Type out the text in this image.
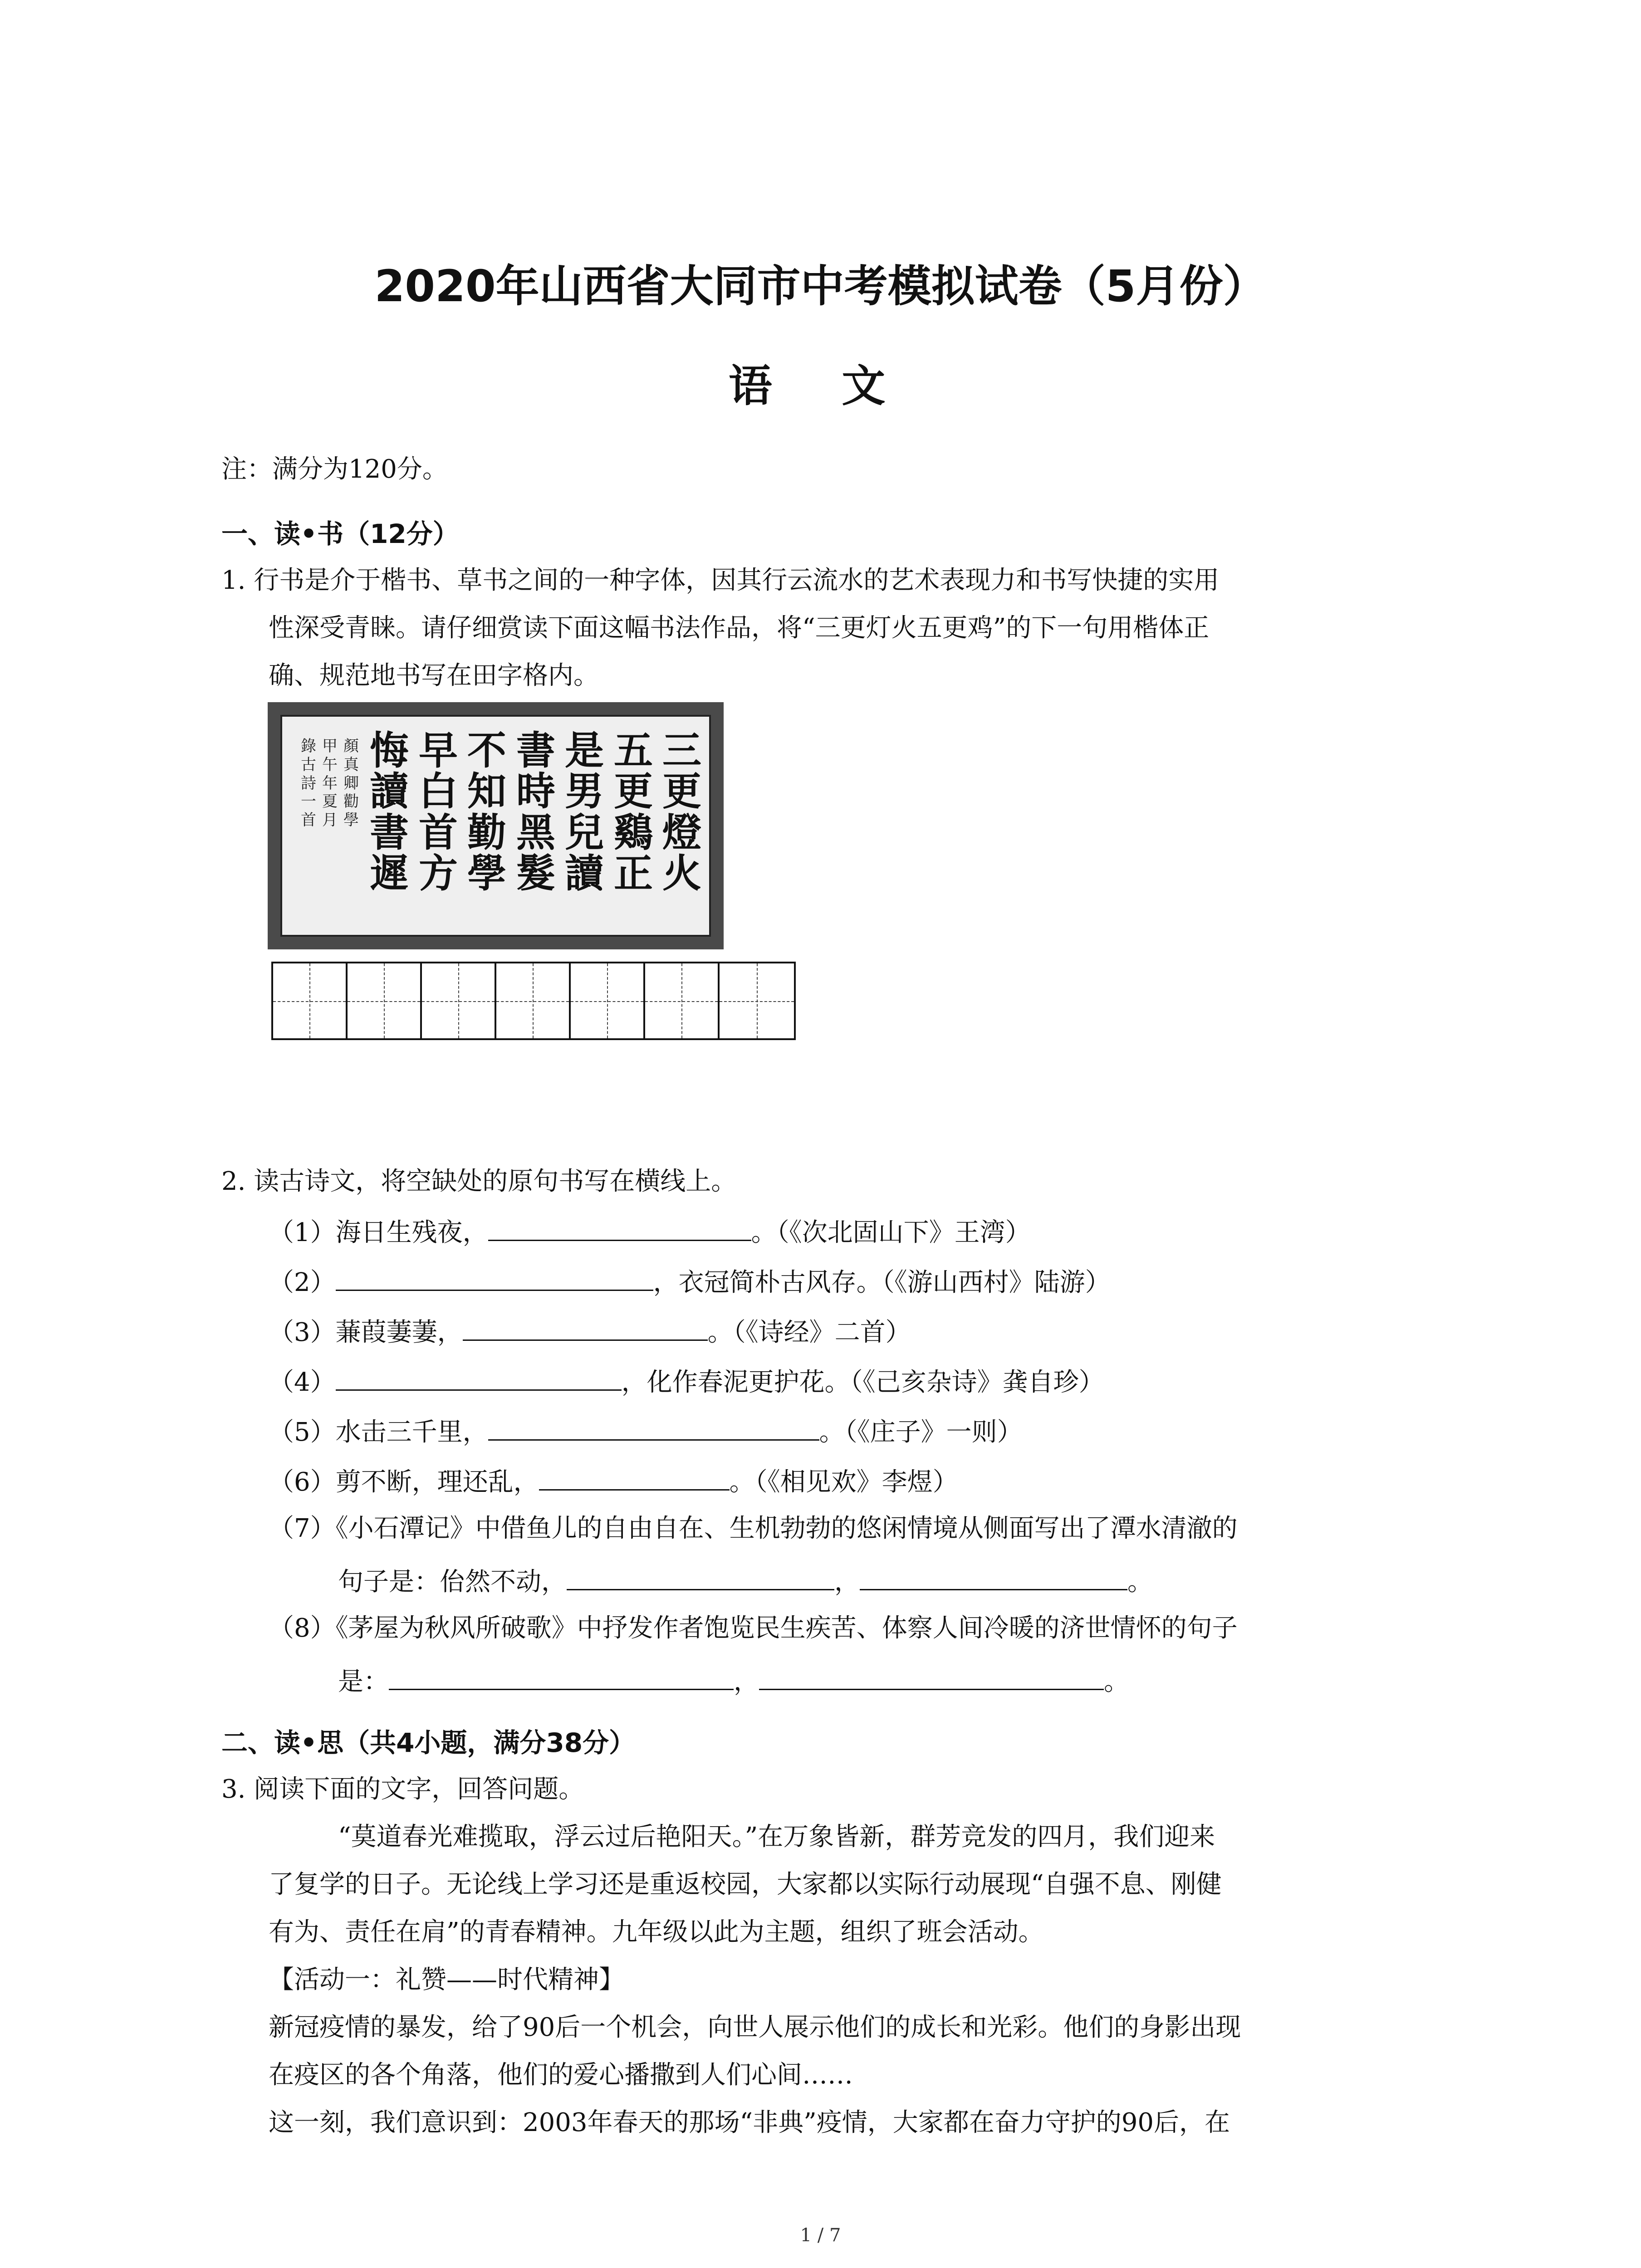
2020年山西省大同市中考模拟试卷（5月份）
语 文
注：满分为120分。
一、读•书（12分）
1. 行书是介于楷书、草书之间的一种字体，因其行云流水的艺术表现力和书写快捷的实用
性深受青睐。请仔细赏读下面这幅书法作品，将“三更灯火五更鸡”的下一句用楷体正
确、规范地书写在田字格内。
三更燈火
五更鷄正
是男兒讀
書時黑髮
不知勤學
早白首方
悔讀書遲
顏真卿勸學
甲午年夏月
錄古詩一首
2. 读古诗文，将空缺处的原句书写在横线上。
（1）海日生残夜，	。（《次北固山下》王湾）
（2）	，衣冠简朴古风存。（《游山西村》陆游）
（3）蒹葭萋萋，	。（《诗经》二首）
（4）	，化作春泥更护花。（《己亥杂诗》龚自珍）
（5）水击三千里，	。（《庄子》一则）
（6）剪不断，理还乱，	。（《相见欢》李煜）
（7）《小石潭记》中借鱼儿的自由自在、生机勃勃的悠闲情境从侧面写出了潭水清澈的
句子是：佁然不动，	，	。
（8）《茅屋为秋风所破歌》中抒发作者饱览民生疾苦、体察人间冷暖的济世情怀的句子
是：	，	。
二、读•思（共4小题，满分38分）
3. 阅读下面的文字，回答问题。
“莫道春光难揽取，浮云过后艳阳天。”在万象皆新，群芳竞发的四月，我们迎来
了复学的日子。无论线上学习还是重返校园，大家都以实际行动展现“自强不息、刚健
有为、责任在肩”的青春精神。九年级以此为主题，组织了班会活动。
【活动一：礼赞——时代精神】
新冠疫情的暴发，给了90后一个机会，向世人展示他们的成长和光彩。他们的身影出现
在疫区的各个角落，他们的爱心播撒到人们心间……
这一刻，我们意识到：2003年春天的那场“非典”疫情，大家都在奋力守护的90后，在
1 / 7
